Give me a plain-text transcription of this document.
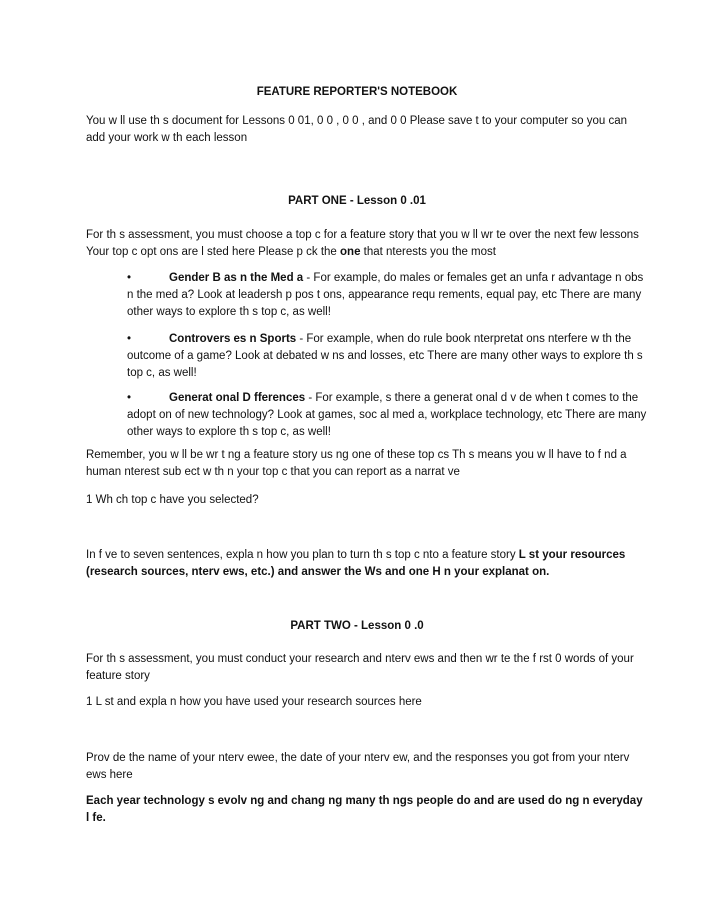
FEATURE REPORTER'S NOTEBOOK

You w ll use th s document for Lessons 0 01, 0 0 , 0 0 , and 0 0 Please save t to your computer so you can add your work w th each lesson

PART ONE - Lesson 0 .01

For th s assessment, you must choose a top c for a feature story that you w ll wr te over the next few lessons Your top c opt ons are l sted here Please p ck the one that nterests you the most

•	Gender B as n the Med a - For example, do males or females get an unfa r advantage n obs n the med a? Look at leadersh p pos t ons, appearance requ rements, equal pay, etc There are many other ways to explore th s top c, as well!

•	Controvers es n Sports - For example, when do rule book nterpretat ons nterfere w th the outcome of a game? Look at debated w ns and losses, etc There are many other ways to explore th s top c, as well!

•	Generat onal D fferences - For example, s there a generat onal d v de when t comes to the adopt on of new technology? Look at games, soc al med a, workplace technology, etc There are many other ways to explore th s top c, as well!

Remember, you w ll be wr t ng a feature story us ng one of these top cs Th s means you w ll have to f nd a human nterest sub ect w th n your top c that you can report as a narrat ve

1 Wh ch top c have you selected?

In f ve to seven sentences, expla n how you plan to turn th s top c nto a feature story L st your resources (research sources, nterv ews, etc.) and answer the Ws and one H n your explanat on.

PART TWO - Lesson 0 .0

For th s assessment, you must conduct your research and nterv ews and then wr te the f rst 0 words of your feature story

1 L st and expla n how you have used your research sources here

Prov de the name of your nterv ewee, the date of your nterv ew, and the responses you got from your nterv ews here

Each year technology s evolv ng and chang ng many th ngs people do and are used do ng n everyday l fe.
